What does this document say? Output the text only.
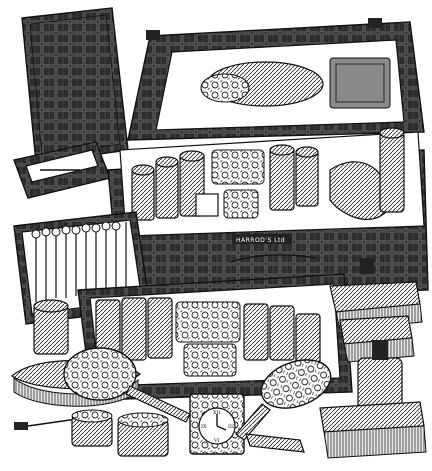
HARROD'S Ltd
XII
III
VI
IX
